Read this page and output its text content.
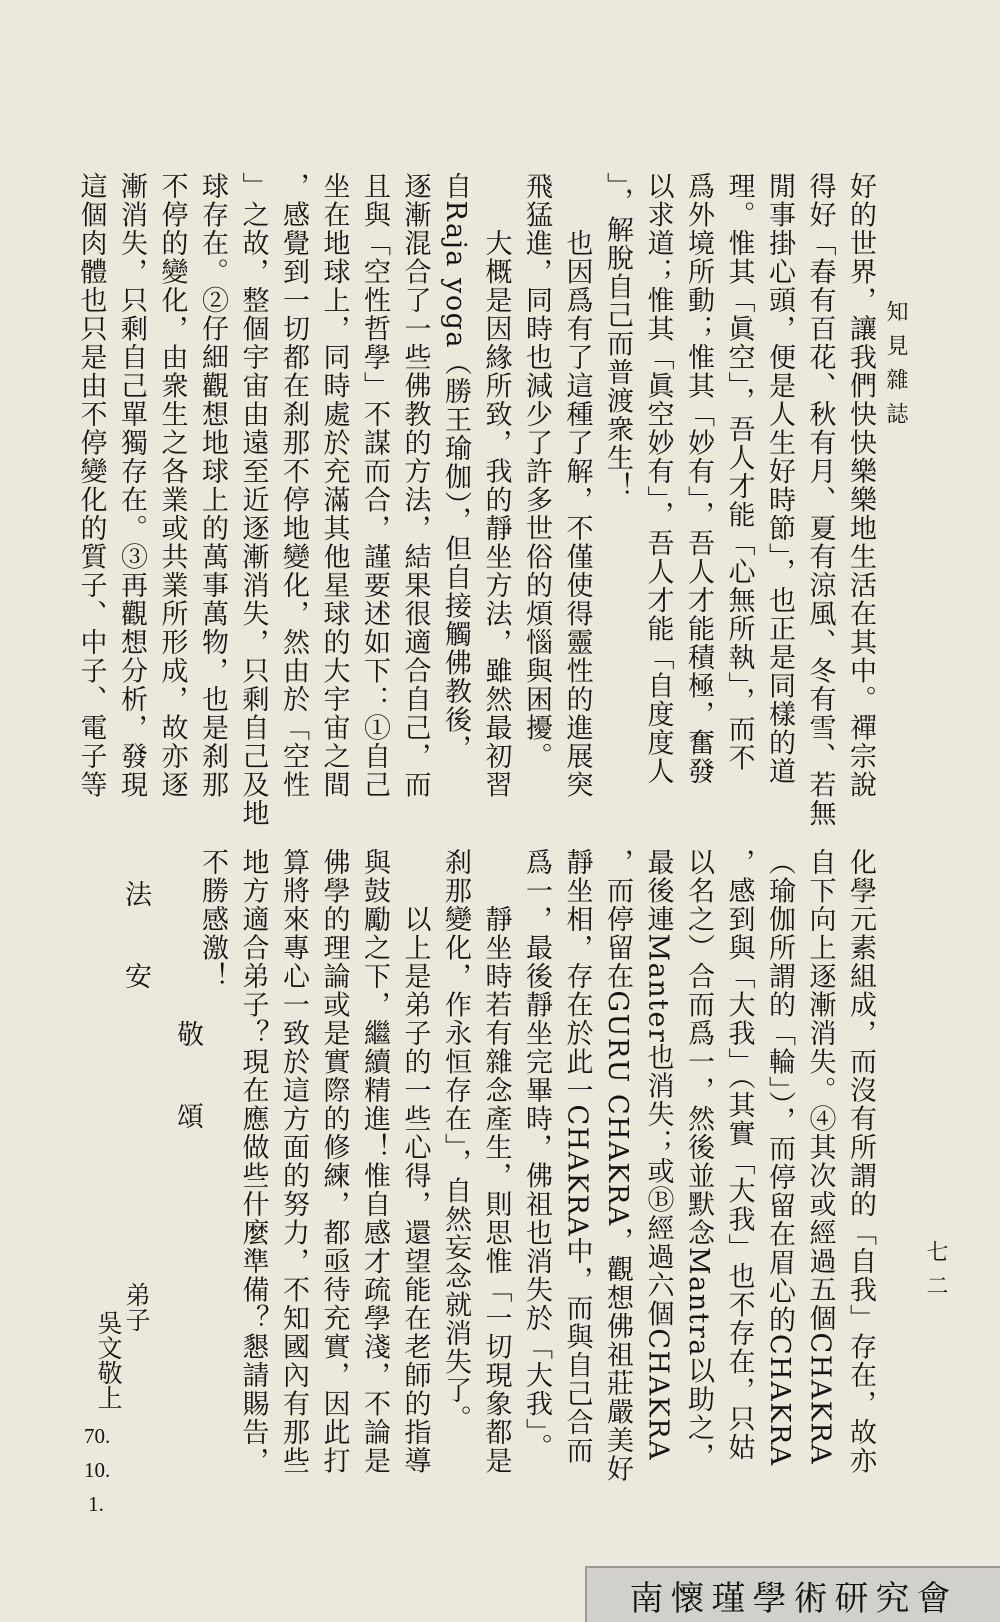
知見雜誌
七二

好的世界，讓我們快快樂樂地生活在其中。禪宗說

得好「春有百花、秋有月、夏有涼風、冬有雪、若無

閒事掛心頭，便是人生好時節」，也正是同樣的道

理。惟其「眞空」，吾人才能「心無所執」，而不

爲外境所動；惟其「妙有」，吾人才能積極，奮發

以求道；惟其「眞空妙有」，吾人才能「自度度人

」，解脫自己而普渡衆生！

　　也因爲有了這種了解，不僅使得靈性的進展突

飛猛進，同時也減少了許多世俗的煩惱與困擾。

　　大概是因緣所致，我的靜坐方法，雖然最初習

自Raja yoga（勝王瑜伽），但自接觸佛教後，

逐漸混合了一些佛教的方法，結果很適合自己，而

且與「空性哲學」不謀而合，謹要述如下：①自己

坐在地球上，同時處於充滿其他星球的大宇宙之間

，感覺到一切都在刹那不停地變化，然由於「空性

」之故，整個宇宙由遠至近逐漸消失，只剩自己及地

球存在。②仔細觀想地球上的萬事萬物，也是刹那

不停的變化，由衆生之各業或共業所形成，故亦逐

漸消失，只剩自己單獨存在。③再觀想分析，發現

這個肉體也只是由不停變化的質子、中子、電子等

化學元素組成，而沒有所謂的「自我」存在，故亦

自下向上逐漸消失。④其次或經過五個CHAKRA

（瑜伽所謂的「輪」），而停留在眉心的CHAKRA

，感到與「大我」（其實「大我」也不存在，只姑

以名之）合而爲一，然後並默念Mantra以助之，

最後連Manter也消失；或Ⓑ經過六個CHAKRA

，而停留在GURU CHAKRA，觀想佛祖莊嚴美好

靜坐相，存在於此一CHAKRA中，而與自己合而

爲一，最後靜坐完畢時，佛祖也消失於「大我」。

　　靜坐時若有雜念產生，則思惟「一切現象都是

刹那變化，作永恒存在」，自然妄念就消失了。

　　以上是弟子的一些心得，還望能在老師的指導

與鼓勵之下，繼續精進！惟自感才疏學淺，不論是

佛學的理論或是實際的修練，都亟待充實，因此打

算將來專心一致於這方面的努力，不知國內有那些

地方適合弟子？現在應做些什麼準備？懇請賜告，

不勝感激！

敬　頌
法　安
弟子
吳文敬上
70.
10.
1.
南懷瑾學術研究會
